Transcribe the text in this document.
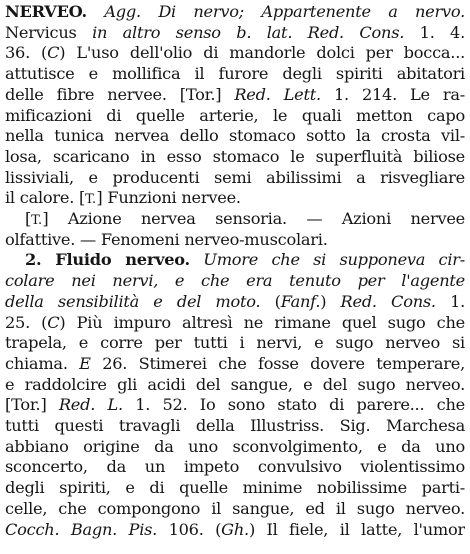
NERVEO. Agg. Di nervo; Appartenente a nervo.
Nervicus in altro senso b. lat. Red. Cons. 1. 4.
36. (C) L'uso dell'olio di mandorle dolci per bocca...
attutisce e mollifica il furore degli spiriti abitatori
delle fibre nervee. [Tor.] Red. Lett. 1. 214. Le ra-
mificazioni di quelle arterie, le quali metton capo
nella tunica nervea dello stomaco sotto la crosta vil-
losa, scaricano in esso stomaco le superfluità biliose
lissiviali, e producenti semi abilissimi a risvegliare
il calore. [T.] Funzioni nervee.
[T.] Azione nervea sensoria. — Azioni nervee
olfattive. — Fenomeni nerveo-muscolari.
2. Fluido nerveo. Umore che si supponeva cir-
colare nei nervi, e che era tenuto per l'agente
della sensibilità e del moto. (Fanf.) Red. Cons. 1.
25. (C) Più impuro altresì ne rimane quel sugo che
trapela, e corre per tutti i nervi, e sugo nerveo si
chiama. E 26. Stimerei che fosse dovere temperare,
e raddolcire gli acidi del sangue, e del sugo nerveo.
[Tor.] Red. L. 1. 52. Io sono stato di parere... che
tutti questi travagli della Illustriss. Sig. Marchesa
abbiano origine da uno sconvolgimento, e da uno
sconcerto, da un impeto convulsivo violentissimo
degli spiriti, e di quelle minime nobilissime parti-
celle, che compongono il sangue, ed il sugo nerveo.
Cocch. Bagn. Pis. 106. (Gh.) Il fiele, il latte, l'umor
